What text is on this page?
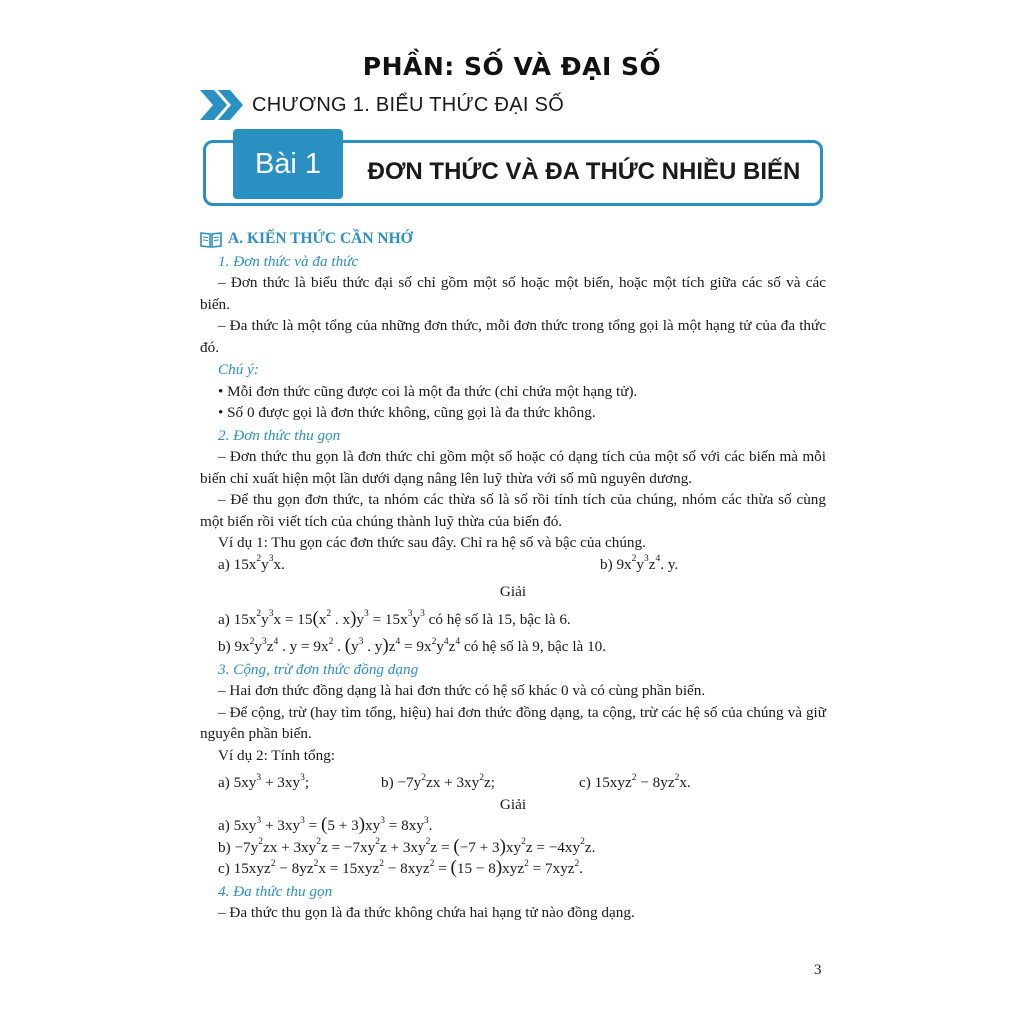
PHẦN: SỐ VÀ ĐẠI SỐ
CHƯƠNG 1. BIỂU THỨC ĐẠI SỐ
Bài 1	ĐƠN THỨC VÀ ĐA THỨC NHIỀU BIẾN
A. KIẾN THỨC CẦN NHỚ
1. Đơn thức và đa thức
– Đơn thức là biểu thức đại số chỉ gồm một số hoặc một biến, hoặc một tích giữa các số và các biến.
– Đa thức là một tổng của những đơn thức, mỗi đơn thức trong tổng gọi là một hạng tử của đa thức đó.
Chú ý:
• Mỗi đơn thức cũng được coi là một đa thức (chỉ chứa một hạng tử).
• Số 0 được gọi là đơn thức không, cũng gọi là đa thức không.
2. Đơn thức thu gọn
– Đơn thức thu gọn là đơn thức chỉ gồm một số hoặc có dạng tích của một số với các biến mà mỗi biến chỉ xuất hiện một lần dưới dạng nâng lên luỹ thừa với số mũ nguyên dương.
– Để thu gọn đơn thức, ta nhóm các thừa số là số rồi tính tích của chúng, nhóm các thừa số cùng một biến rồi viết tích của chúng thành luỹ thừa của biến đó.
Ví dụ 1: Thu gọn các đơn thức sau đây. Chỉ ra hệ số và bậc của chúng.
a) $15x^2y^3x$.	b) $9x^2y^3z^4$. y.
Giải
a) $15x^2y^3x = 15(x^2$ . $x)y^3 = 15x^3y^3$ có hệ số là 15, bậc là 6.
b) $9x^2y^3z^4$ . $y = 9x^2$ . ($y^3$ . $y)z^4 = 9x^2y^4z^4$ có hệ số là 9, bậc là 10.
3. Cộng, trừ đơn thức đồng dạng
– Hai đơn thức đồng dạng là hai đơn thức có hệ số khác 0 và có cùng phần biến.
– Để cộng, trừ (hay tìm tổng, hiệu) hai đơn thức đồng dạng, ta cộng, trừ các hệ số của chúng và giữ nguyên phần biến.
Ví dụ 2: Tính tổng:
a) $5xy^3 + 3xy^3$;	$b) -7y^2zx + 3xy^2z$;	c) $15xyz^2 - 8yz^2x$.
Giải
a) $5xy^3 + 3xy^3 = (5 + 3)xy^3 = 8xy^3$.
$b) -7y^2zx + 3xy^2z = -7xy^2z + 3xy^2z = (-7 + 3)xy^2z = -4xy^2z$.
c) $15xyz^2 - 8yz^2x = 15xyz^2 - 8xyz^2 = (15 - 8)xyz^2 = 7xyz^2$.
4. Đa thức thu gọn
– Đa thức thu gọn là đa thức không chứa hai hạng tử nào đồng dạng.
3
